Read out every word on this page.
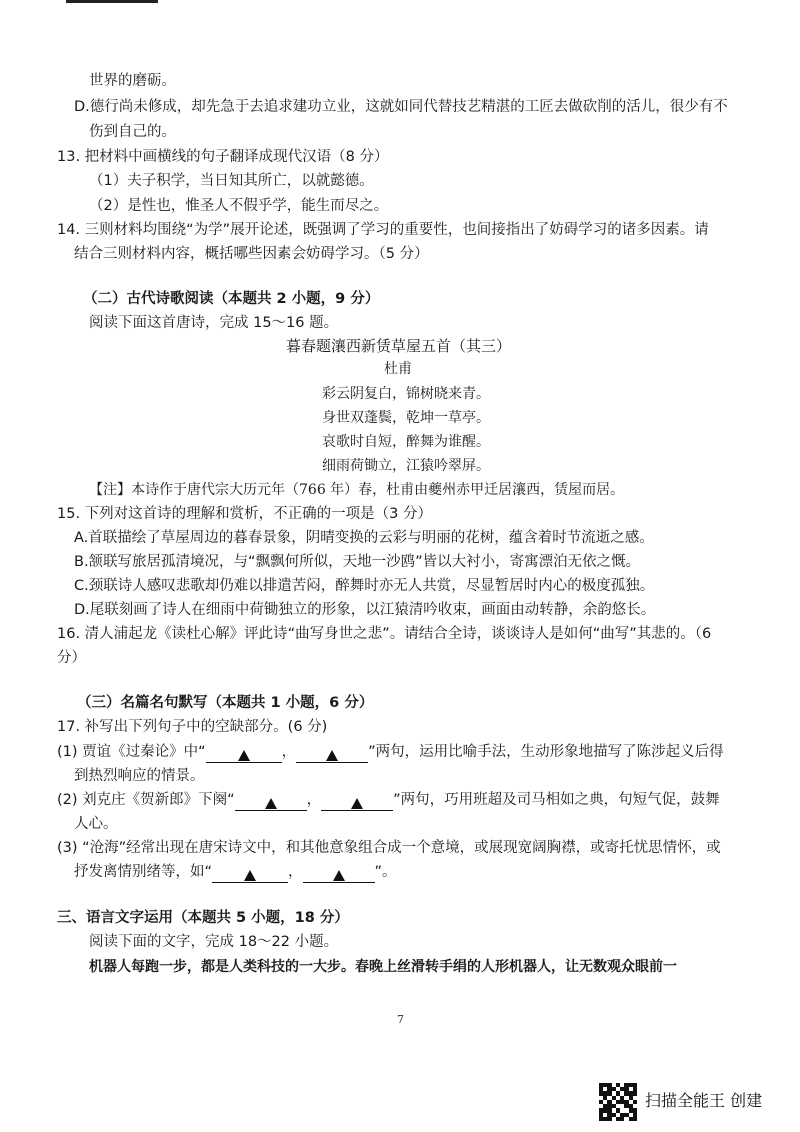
世界的磨砺。
D.德行尚未修成，却先急于去追求建功立业，这就如同代替技艺精湛的工匠去做砍削的活儿，很少有不
伤到自己的。
13. 把材料中画横线的句子翻译成现代汉语（8 分）
（1）夫子积学，当日知其所亡，以就懿德。
（2）是性也，惟圣人不假乎学，能生而尽之。
14. 三则材料均围绕“为学”展开论述，既强调了学习的重要性，也间接指出了妨碍学习的诸多因素。请
结合三则材料内容，概括哪些因素会妨碍学习。（5 分）
（二）古代诗歌阅读（本题共 2 小题，9 分）
阅读下面这首唐诗，完成 15～16 题。
暮春题瀼西新赁草屋五首（其三）
杜甫
彩云阴复白，锦树晓来青。
身世双蓬鬓，乾坤一草亭。
哀歌时自短，醉舞为谁醒。
细雨荷锄立，江猿吟翠屏。
【注】本诗作于唐代宗大历元年（766 年）春，杜甫由夔州赤甲迁居瀼西，赁屋而居。
15. 下列对这首诗的理解和赏析，不正确的一项是（3 分）
A.首联描绘了草屋周边的暮春景象，阴晴变换的云彩与明丽的花树，蕴含着时节流逝之感。
B.颔联写旅居孤清境况，与“飘飘何所似，天地一沙鸥”皆以大衬小，寄寓漂泊无依之慨。
C.颈联诗人感叹悲歌却仍难以排遣苦闷，醉舞时亦无人共赏，尽显暂居时内心的极度孤独。
D.尾联刻画了诗人在细雨中荷锄独立的形象，以江猿清吟收束，画面由动转静，余韵悠长。
16. 清人浦起龙《读杜心解》评此诗“曲写身世之悲”。请结合全诗，谈谈诗人是如何“曲写”其悲的。（6
分）
（三）名篇名句默写（本题共 1 小题，6 分）
17. 补写出下列句子中的空缺部分。(6 分)
(1) 贾谊《过秦论》中“	，	”两句，运用比喻手法，生动形象地描写了陈涉起义后得
到热烈响应的情景。
(2) 刘克庄《贺新郎》下阕“	，	”两句，巧用班超及司马相如之典，句短气促，鼓舞
人心。
(3) “沧海”经常出现在唐宋诗文中，和其他意象组合成一个意境，或展现宽阔胸襟，或寄托忧思情怀，或
抒发离情别绪等，如“	，	”。
三、语言文字运用（本题共 5 小题，18 分）
阅读下面的文字，完成 18～22 小题。
机器人每跑一步，都是人类科技的一大步。春晚上丝滑转手绢的人形机器人，让无数观众眼前一
7
扫描全能王 创建
